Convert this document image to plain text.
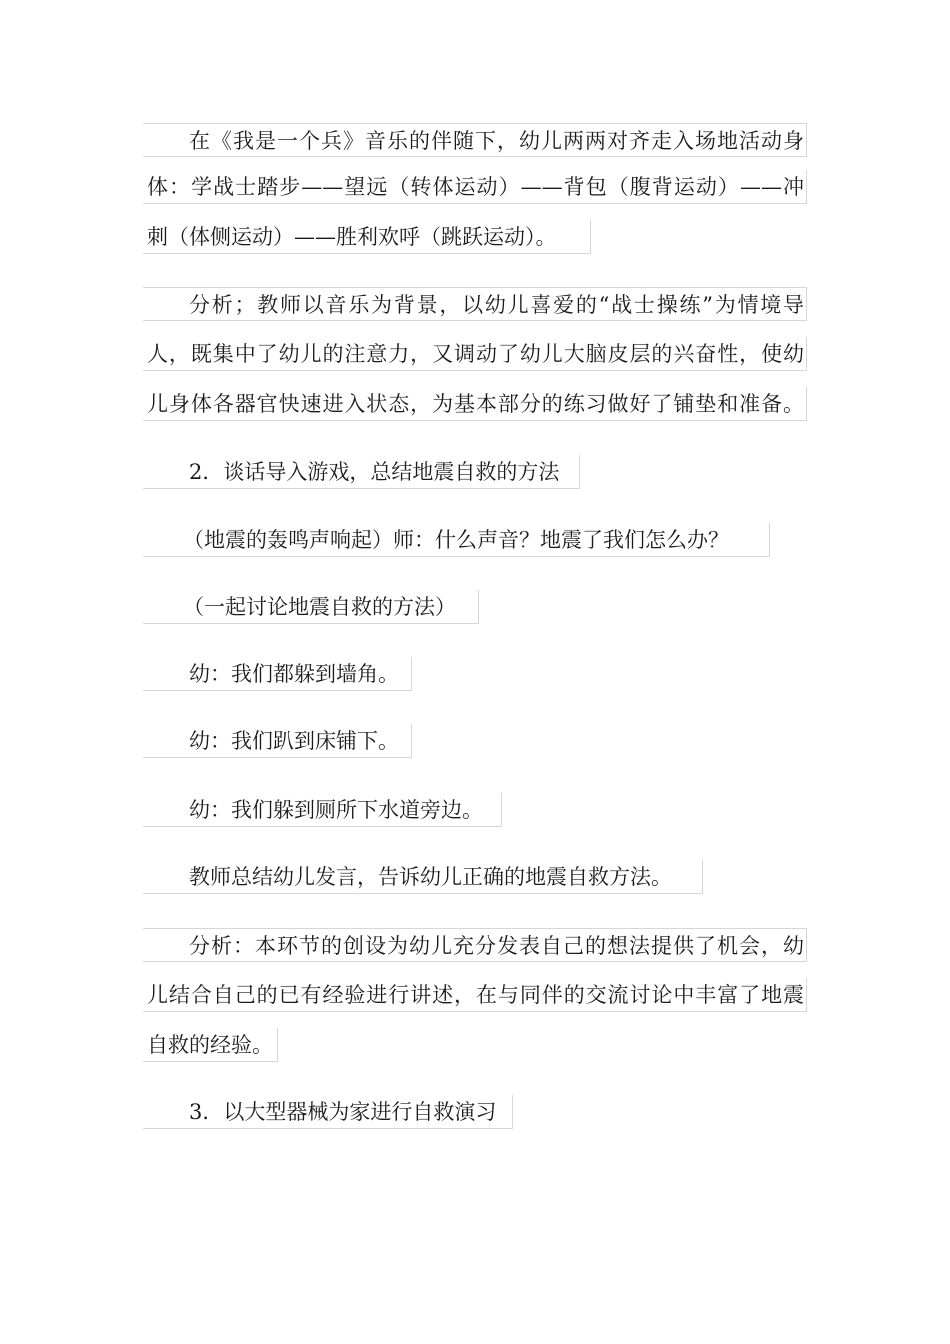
在《我是一个兵》音乐的伴随下，幼儿两两对齐走入场地活动身
体：学战士踏步——望远（转体运动）——背包（腹背运动）——冲
刺（体侧运动）——胜利欢呼（跳跃运动）。
分析；教师以音乐为背景，以幼儿喜爱的“战士操练”为情境导
人，既集中了幼儿的注意力，又调动了幼儿大脑皮层的兴奋性，使幼
儿身体各器官快速进入状态，为基本部分的练习做好了铺垫和准备。
2．谈话导入游戏，总结地震自救的方法
（地震的轰鸣声响起）师：什么声音？地震了我们怎么办？
（一起讨论地震自救的方法）
幼：我们都躲到墙角。
幼：我们趴到床铺下。
幼：我们躲到厕所下水道旁边。
教师总结幼儿发言，告诉幼儿正确的地震自救方法。
分析：本环节的创设为幼儿充分发表自己的想法提供了机会，幼
儿结合自己的已有经验进行讲述，在与同伴的交流讨论中丰富了地震
自救的经验。
3．以大型器械为家进行自救演习
